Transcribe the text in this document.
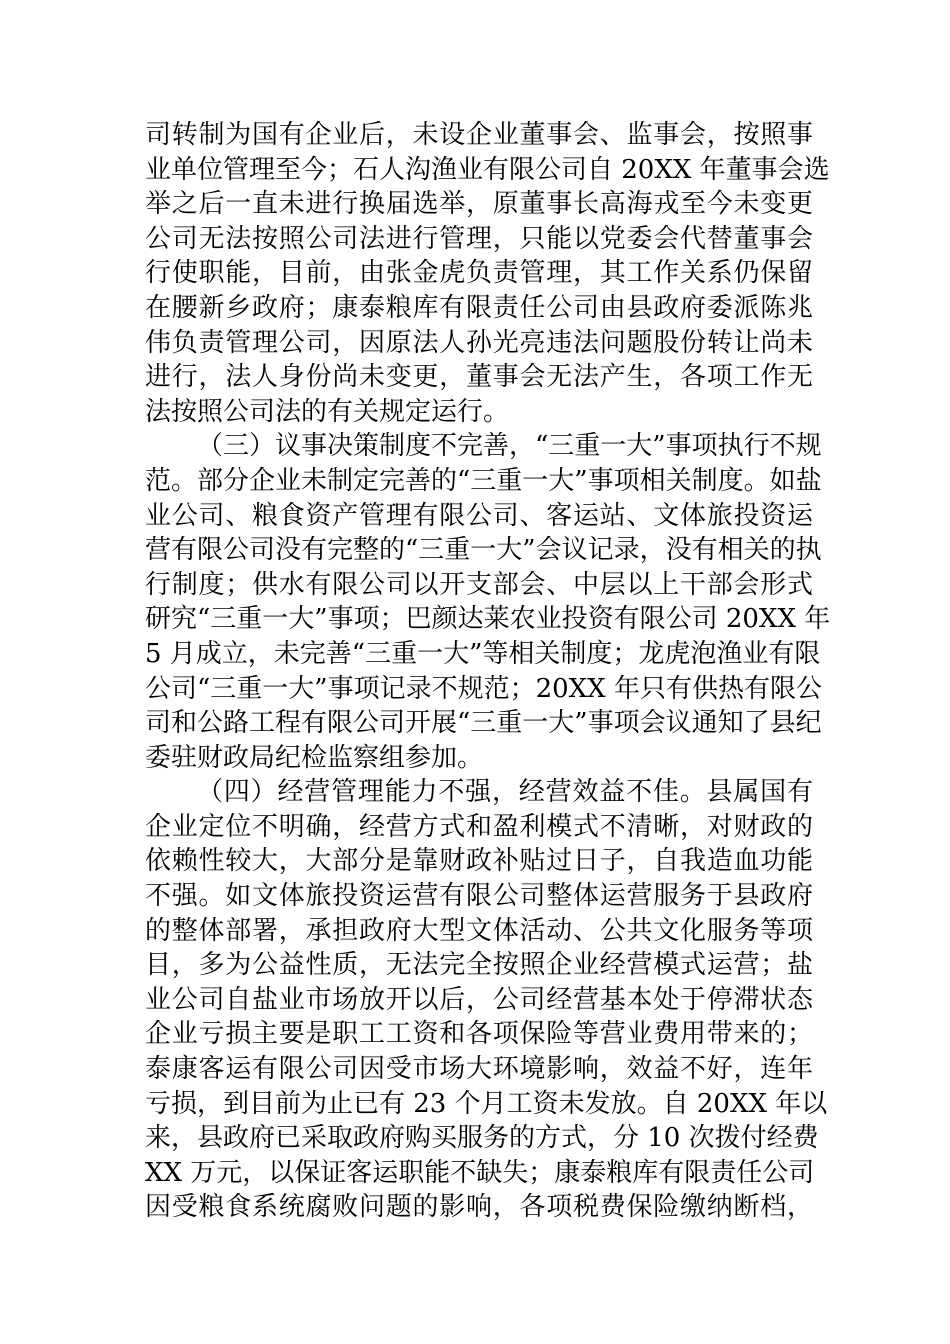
司转制为国有企业后，未设企业董事会、监事会，按照事
业单位管理至今；石人沟渔业有限公司自 20XX 年董事会选
举之后一直未进行换届选举，原董事长高海戎至今未变更
公司无法按照公司法进行管理，只能以党委会代替董事会
行使职能，目前，由张金虎负责管理，其工作关系仍保留
在腰新乡政府；康泰粮库有限责任公司由县政府委派陈兆
伟负责管理公司，因原法人孙光亮违法问题股份转让尚未
进行，法人身份尚未变更，董事会无法产生，各项工作无
法按照公司法的有关规定运行。
（三）议事决策制度不完善，“三重一大”事项执行不规
范。部分企业未制定完善的“三重一大”事项相关制度。如盐
业公司、粮食资产管理有限公司、客运站、文体旅投资运
营有限公司没有完整的“三重一大”会议记录，没有相关的执
行制度；供水有限公司以开支部会、中层以上干部会形式
研究“三重一大”事项；巴颜达莱农业投资有限公司 20XX 年
5 月成立，未完善“三重一大”等相关制度；龙虎泡渔业有限
公司“三重一大”事项记录不规范；20XX 年只有供热有限公
司和公路工程有限公司开展“三重一大”事项会议通知了县纪
委驻财政局纪检监察组参加。
（四）经营管理能力不强，经营效益不佳。县属国有
企业定位不明确，经营方式和盈利模式不清晰，对财政的
依赖性较大，大部分是靠财政补贴过日子，自我造血功能
不强。如文体旅投资运营有限公司整体运营服务于县政府
的整体部署，承担政府大型文体活动、公共文化服务等项
目，多为公益性质，无法完全按照企业经营模式运营；盐
业公司自盐业市场放开以后，公司经营基本处于停滞状态
企业亏损主要是职工工资和各项保险等营业费用带来的；
泰康客运有限公司因受市场大环境影响，效益不好，连年
亏损，到目前为止已有 23 个月工资未发放。自 20XX 年以
来，县政府已采取政府购买服务的方式，分 10 次拨付经费
XX 万元，以保证客运职能不缺失；康泰粮库有限责任公司
因受粮食系统腐败问题的影响，各项税费保险缴纳断档，
